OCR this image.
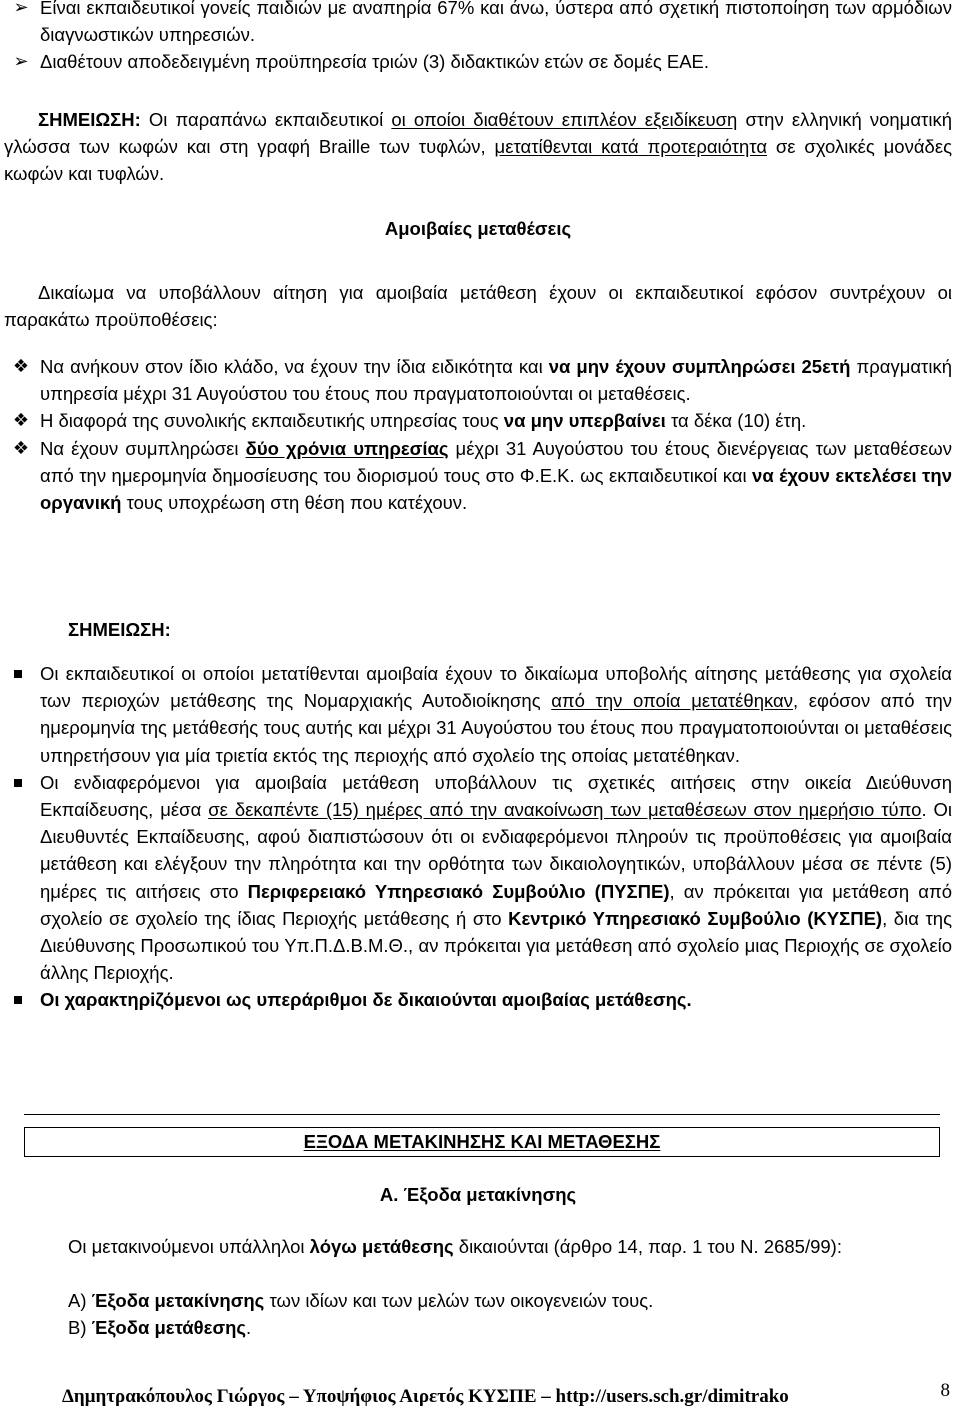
➢ Είναι εκπαιδευτικοί γονείς παιδιών με αναπηρία 67% και άνω, ύστερα από σχετική πιστοποίηση των αρμόδιων διαγνωστικών υπηρεσιών.
➢ Διαθέτουν αποδεδειγμένη προϋπηρεσία τριών (3) διδακτικών ετών σε δομές ΕΑΕ.
ΣΗΜΕΙΩΣΗ: Οι παραπάνω εκπαιδευτικοί οι οποίοι διαθέτουν επιπλέον εξειδίκευση στην ελληνική νοηματική γλώσσα των κωφών και στη γραφή Braille των τυφλών, μετατίθενται κατά προτεραιότητα σε σχολικές μονάδες κωφών και τυφλών.
Αμοιβαίες μεταθέσεις
Δικαίωμα να υποβάλλουν αίτηση για αμοιβαία μετάθεση έχουν οι εκπαιδευτικοί εφόσον συντρέχουν οι παρακάτω προϋποθέσεις:
❖ Να ανήκουν στον ίδιο κλάδο, να έχουν την ίδια ειδικότητα και να μην έχουν συμπληρώσει 25ετή πραγματική υπηρεσία μέχρι 31 Αυγούστου του έτους που πραγματοποιούνται οι μεταθέσεις.
❖ Η διαφορά της συνολικής εκπαιδευτικής υπηρεσίας τους να μην υπερβαίνει τα δέκα (10) έτη.
❖ Να έχουν συμπληρώσει δύο χρόνια υπηρεσίας μέχρι 31 Αυγούστου του έτους διενέργειας των μεταθέσεων από την ημερομηνία δημοσίευσης του διορισμού τους στο Φ.Ε.Κ. ως εκπαιδευτικοί και να έχουν εκτελέσει την οργανική τους υποχρέωση στη θέση που κατέχουν.
ΣΗΜΕΙΩΣΗ:
Οι εκπαιδευτικοί οι οποίοι μετατίθενται αμοιβαία έχουν το δικαίωμα υποβολής αίτησης μετάθεσης για σχολεία των περιοχών μετάθεσης της Νομαρχιακής Αυτοδιοίκησης από την οποία μετατέθηκαν, εφόσον από την ημερομηνία της μετάθεσής τους αυτής και μέχρι 31 Αυγούστου του έτους που πραγματοποιούνται οι μεταθέσεις υπηρετήσουν για μία τριετία εκτός της περιοχής από σχολείο της οποίας μετατέθηκαν.
Οι ενδιαφερόμενοι για αμοιβαία μετάθεση υποβάλλουν τις σχετικές αιτήσεις στην οικεία Διεύθυνση Εκπαίδευσης, μέσα σε δεκαπέντε (15) ημέρες από την ανακοίνωση των μεταθέσεων στον ημερήσιο τύπο. Οι Διευθυντές Εκπαίδευσης, αφού διαπιστώσουν ότι οι ενδιαφερόμενοι πληρούν τις προϋποθέσεις για αμοιβαία μετάθεση και ελέγξουν την πληρότητα και την ορθότητα των δικαιολογητικών, υποβάλλουν μέσα σε πέντε (5) ημέρες τις αιτήσεις στο Περιφερειακό Υπηρεσιακό Συμβούλιο (ΠΥΣΠΕ), αν πρόκειται για μετάθεση από σχολείο σε σχολείο της ίδιας Περιοχής μετάθεσης ή στο Κεντρικό Υπηρεσιακό Συμβούλιο (ΚΥΣΠΕ), δια της Διεύθυνσης Προσωπικού του Υπ.Π.Δ.Β.Μ.Θ., αν πρόκειται για μετάθεση από σχολείο μιας Περιοχής σε σχολείο άλλης Περιοχής.
Οι χαρακτηρiζόμενοι ως υπεράριθμοι δε δικαιούνται αμοιβαίας μετάθεσης.
ΕΞΟΔΑ ΜΕΤΑΚΙΝΗΣΗΣ ΚΑΙ ΜΕΤΑΘΕΣΗΣ
Α. Έξοδα μετακίνησης
Οι μετακινούμενοι υπάλληλοι λόγω μετάθεσης δικαιούνται (άρθρο 14, παρ. 1 του Ν. 2685/99):
Α) Έξοδα μετακίνησης των ιδίων και των μελών των οικογενειών τους.
Β) Έξοδα μετάθεσης.
Δημητρακόπουλος Γιώργος – Υποψήφιος Αιρετός ΚΥΣΠΕ – http://users.sch.gr/dimitrako	8
